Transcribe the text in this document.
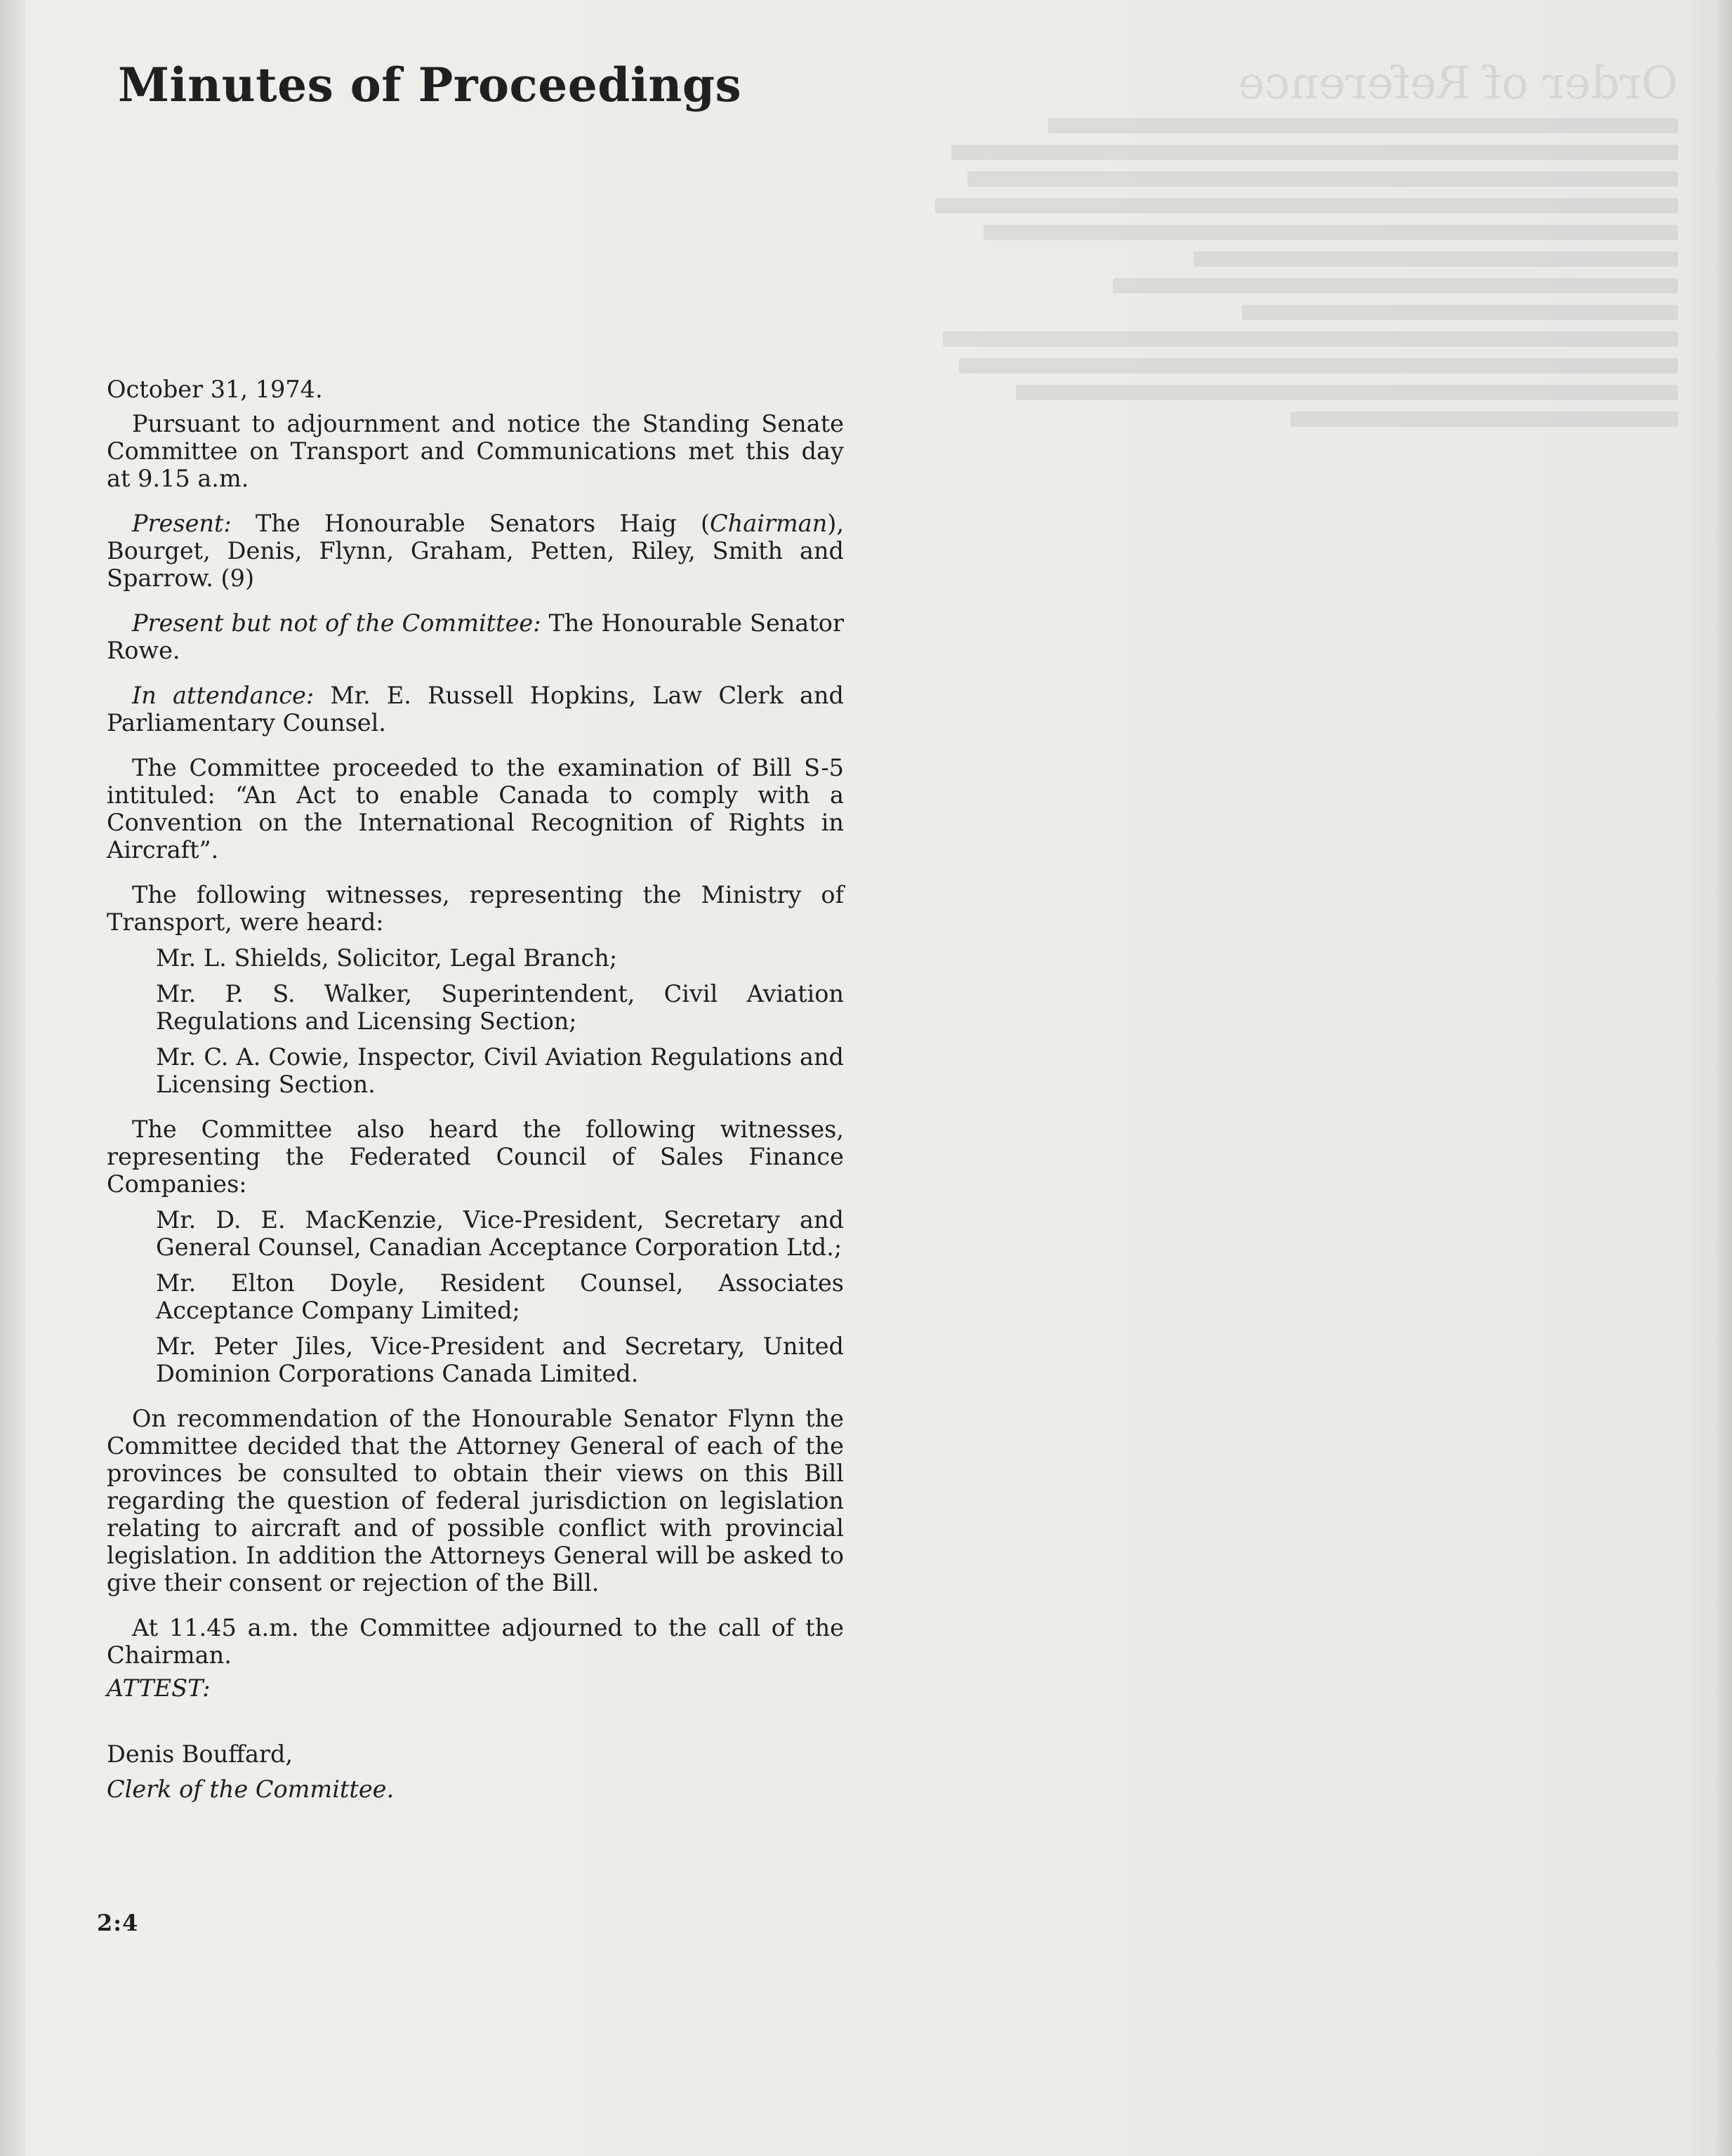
Order of Reference
Minutes of Proceedings

October 31, 1974.

Pursuant to adjournment and notice the Standing Senate Committee on Transport and Communications met this day at 9.15 a.m.

Present: The Honourable Senators Haig (Chairman), Bourget, Denis, Flynn, Graham, Petten, Riley, Smith and Sparrow. (9)

Present but not of the Committee: The Honourable Senator Rowe.

In attendance: Mr. E. Russell Hopkins, Law Clerk and Parliamentary Counsel.

The Committee proceeded to the examination of Bill S-5 intituled: “An Act to enable Canada to comply with a Convention on the International Recognition of Rights in Aircraft”.

The following witnesses, representing the Ministry of Transport, were heard:

Mr. L. Shields, Solicitor, Legal Branch;

Mr. P. S. Walker, Superintendent, Civil Aviation Regulations and Licensing Section;

Mr. C. A. Cowie, Inspector, Civil Aviation Regulations and Licensing Section.

The Committee also heard the following witnesses, representing the Federated Council of Sales Finance Companies:

Mr. D. E. MacKenzie, Vice-President, Secretary and General Counsel, Canadian Acceptance Corporation Ltd.;

Mr. Elton Doyle, Resident Counsel, Associates Acceptance Company Limited;

Mr. Peter Jiles, Vice-President and Secretary, United Dominion Corporations Canada Limited.

On recommendation of the Honourable Senator Flynn the Committee decided that the Attorney General of each of the provinces be consulted to obtain their views on this Bill regarding the question of federal jurisdiction on legislation relating to aircraft and of possible conflict with provincial legislation. In addition the Attorneys General will be asked to give their consent or rejection of the Bill.

At 11.45 a.m. the Committee adjourned to the call of the Chairman.

ATTEST:

Denis Bouffard,

Clerk of the Committee.

2:4
